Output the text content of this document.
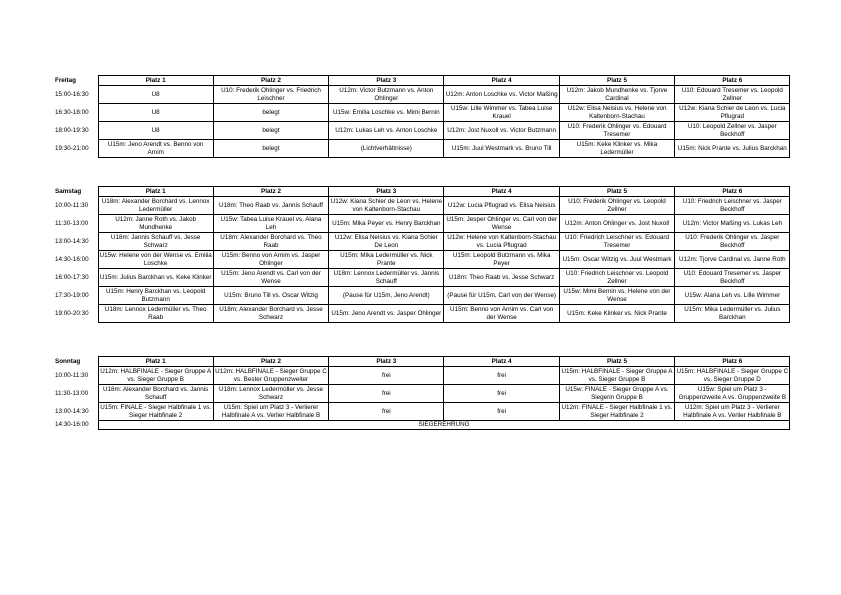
Freitag	Platz 1	Platz 2	Platz 3	Platz 4	Platz 5	Platz 6
15:00-16:30	U8	U10: Frederik Ohlinger vs. Friedrich Leischner	U12m: Victor Butzmann vs. Anton Ohlinger	U12m: Anton Loschke vs. Victor Maßing	U12m: Jakob Mundhenke vs. Tjorve Cardinal	U10: Edouard Tresemer vs. Leopold Zellner
16:30-18:00	U8	belegt	U15w: Emilia Loschke vs. Mimi Bernin	U15w: Lille Wimmer vs. Tabea Luise Krauel	U12w: Elisa Neisius vs. Helene von Kaltenborn-Stachau	U12w: Kiana Schier de Leon vs. Lucia Pflugrad
18:00-19:30	U8	belegt	U12m: Lukas Leh vs. Anton Loschke	U12m: Jost Nuxoll vs. Victor Butzmann	U10: Frederik Ohlinger vs. Edouard Tresemer	U10: Leopold Zellner vs. Jasper Beckhoff
19:30-21:00	U15m: Jeno Arendt vs. Benno von Arnim	belegt	(Lichtverhältnisse)	U15m: Juul Westmark vs. Bruno Till	U15m: Keke Klinker vs. Mika Ledermüller	U15m: Nick Prante vs. Julius Barckhan
Samstag	Platz 1	Platz 2	Platz 3	Platz 4	Platz 5	Platz 6
10:00-11:30	U18m: Alexander Borchard vs. Lennox Ledermüller	U18m: Theo Raab vs. Jannis Schauff	U12w: Kiana Schier de Leon vs. Helene von Kaltenborn-Stachau	U12w: Lucia Pflugrad vs. Elisa Neisius	U10: Frederik Ohlinger vs. Leopold Zellner	U10: Friedrich Leischner vs. Jasper Beckhoff
11:30-13:00	U12m: Janne Roth vs. Jakob Mundhenke	U15w: Tabea Luise Krauel vs. Alana Leh	U15m: Mika Peyer vs. Henry Barckhan	U15m: Jesper Ohlinger vs. Carl von der Wense	U12m: Anton Ohlinger vs. Jost Nuxoll	U12m: Victor Maßing vs. Lukas Leh
13:00-14:30	U18m: Jannis Schauff vs. Jesse Schwarz	U18m: Alexander Borchard vs. Theo Raab	U12w: Elisa Neisius vs. Kiana Schier De Leon	U12w: Helene von Kaltenborn-Stachau vs. Lucia Pflugrad	U10: Friedrich Leischner vs. Edouard Tresemer	U10: Frederik Ohlinger vs. Jasper Beckhoff
14:30-16:00	U15w: Helene von der Wense vs. Emilia Loschke	U15m: Benno von Arnim vs. Jasper Ohlinger	U15m: Mika Ledermüller vs. Nick Prante	U15m: Leopold Butzmann vs. Mika Peyer	U15m: Oscar Witzig vs. Juul Westmark	U12m: Tjorve Cardinal vs. Janne Roth
16:00-17:30	U15m: Julius Barckhan vs. Keke Klinker	U15m: Jeno Arendt vs. Carl von der Wense	U18m: Lennox Ledermüller vs. Jannis Schauff	U18m: Theo Raab vs. Jesse Schwarz	U10: Friedrich Leischner vs. Leopold Zellner	U10: Edouard Tresemer vs. Jasper Beckhoff
17:30-19:00	U15m: Henry Barckhan vs. Leopold Butzmann	U15m: Bruno Till vs. Oscar Witzig	(Pause für U15m, Jeno Arendt)	(Pause für U15m, Carl von der Wense)	U15w: Mimi Bernin vs. Helene von der Wense	U15w: Alana Leh vs. Lille Wimmer
19:00-20:30	U18m: Lennox Ledermüller vs. Theo Raab	U18m: Alexander Borchard vs. Jesse Schwarz	U15m: Jeno Arendt vs. Jasper Ohlinger	U15m: Benno von Arnim vs. Carl von der Wense	U15m: Keke Klinker vs. Nick Prante	U15m: Mika Ledermüller vs. Julius Barckhan
Sonntag	Platz 1	Platz 2	Platz 3	Platz 4	Platz 5	Platz 6
10:00-11:30	U12m: HALBFINALE - Sieger Gruppe A vs. Sieger Gruppe B	U12m: HALBFINALE - Sieger Gruppe C vs. Bester Gruppenzweiter	frei	frei	U15m: HALBFINALE - Sieger Gruppe A vs. Sieger Gruppe B	U15m: HALBFINALE - Sieger Gruppe C vs. Sieger Gruppe D
11:30-13:00	U18m: Alexander Borchard vs. Jannis Schauff	U18m: Lennox Ledermüller vs. Jesse Schwarz	frei	frei	U15w: FINALE - Sieger Gruppe A vs. Siegerin Gruppe B	U15w: Spiel um Platz 3 - Gruppenzweite A vs. Gruppenzweite B
13:00-14:30	U15m: FINALE - Sieger Halbfinale 1 vs. Sieger Halbfinale 2	U15m: Spiel um Platz 3 - Verlierer Halbfinale A vs. Verlier Halbfinale B	frei	frei	U12m: FINALE - Sieger Halbfinale 1 vs. Sieger Halbfinale 2	U12m: Spiel um Platz 3 - Verlierer Halbfinale A vs. Verlier Halbfinale B
14:30-16:00	SIEGEREHRUNG					
